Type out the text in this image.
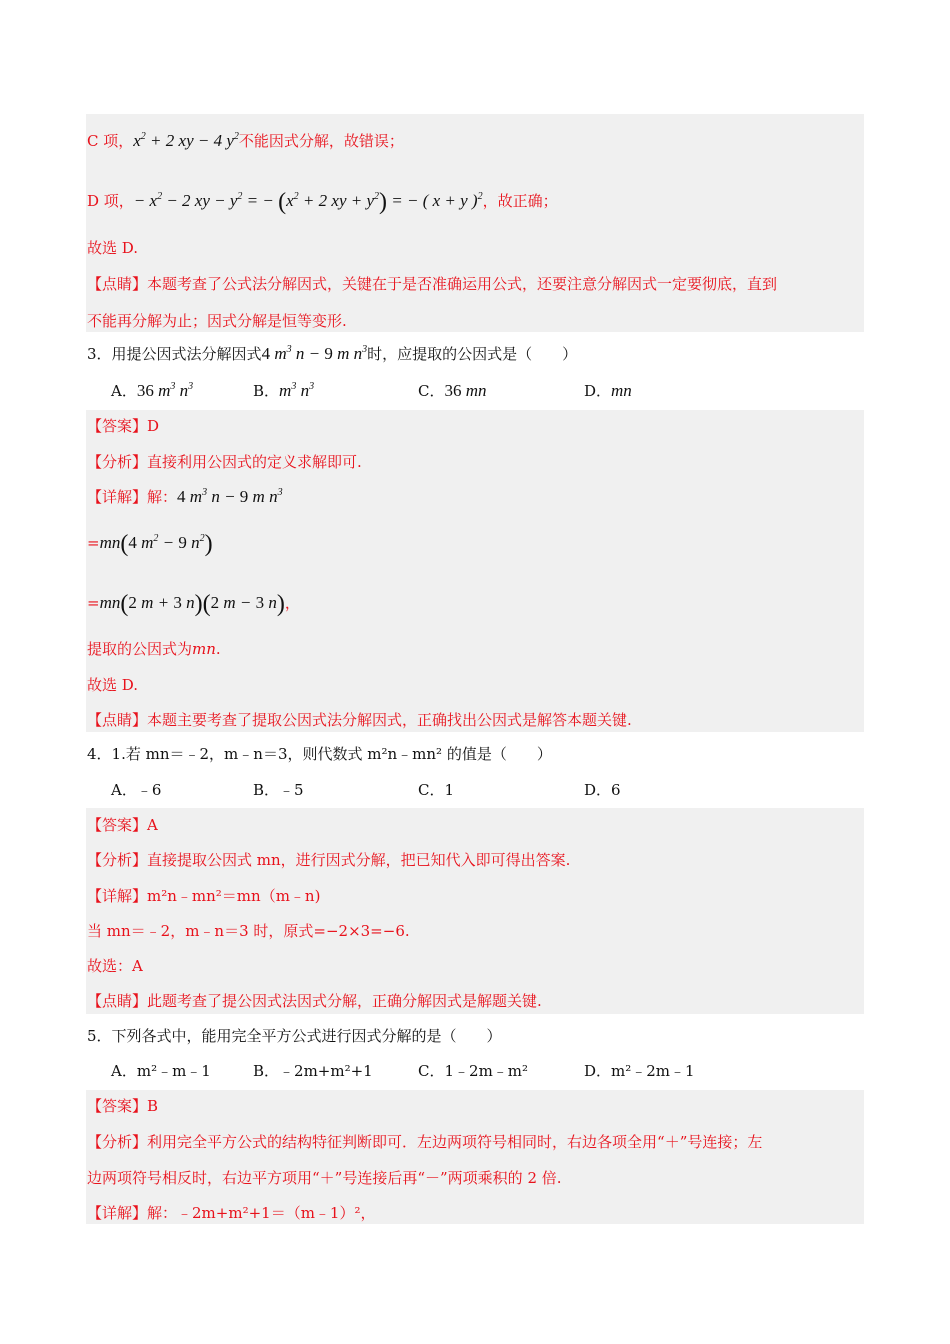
C 项，$x^2 + 2$ xy − 4 $y^2$不能因式分解，故错误；
D 项，− $x^2 - 2$ xy − $y^2$ = − ($x^2 + 2$ xy + $y^2$) = − ( x + y )$^2$，故正确；
故选 D.
【点睛】本题考查了公式法分解因式，关键在于是否准确运用公式，还要注意分解因式一定要彻底，直到
不能再分解为止；因式分解是恒等变形.
3．用提公因式法分解因式4 $m^3$ n − 9 m $n^3$时，应提取的公因式是（　　）
A．36 $m^3$ $n^3$	B．$m^3$ $n^3$	C．36 mn	D．mn
【答案】D
【分析】直接利用公因式的定义求解即可.
【详解】解：4 $m^3$ n − 9 m $n^3$
=mn(4 $m^2 - 9$ $n^2$)
=mn(2 m + 3 n)(2 m − 3 n)，
提取的公因式为mn.
故选 D.
【点睛】本题主要考查了提取公因式法分解因式，正确找出公因式是解答本题关键.
4．1.若 mn＝﹣2，m﹣n＝3，则代数式 m²n﹣mn² 的值是（　　）
A．﹣6	B．﹣5	C．1	D．6
【答案】A
【分析】直接提取公因式 mn，进行因式分解，把已知代入即可得出答案.
【详解】m²n﹣mn²＝mn（m﹣n)
当 mn＝﹣2，m﹣n＝3 时，原式=−2×3=−6.
故选：A
【点睛】此题考查了提公因式法因式分解，正确分解因式是解题关键.
5．下列各式中，能用完全平方公式进行因式分解的是（　　）
A．m²﹣m﹣1	B．﹣2m+m²+1	C．1﹣2m﹣m²	D．m²﹣2m﹣1
【答案】B
【分析】利用完全平方公式的结构特征判断即可．左边两项符号相同时，右边各项全用“＋”号连接；左
边两项符号相反时，右边平方项用“＋”号连接后再“－”两项乘积的 2 倍.
【详解】解：﹣2m+m²+1＝（m﹣1）²，
